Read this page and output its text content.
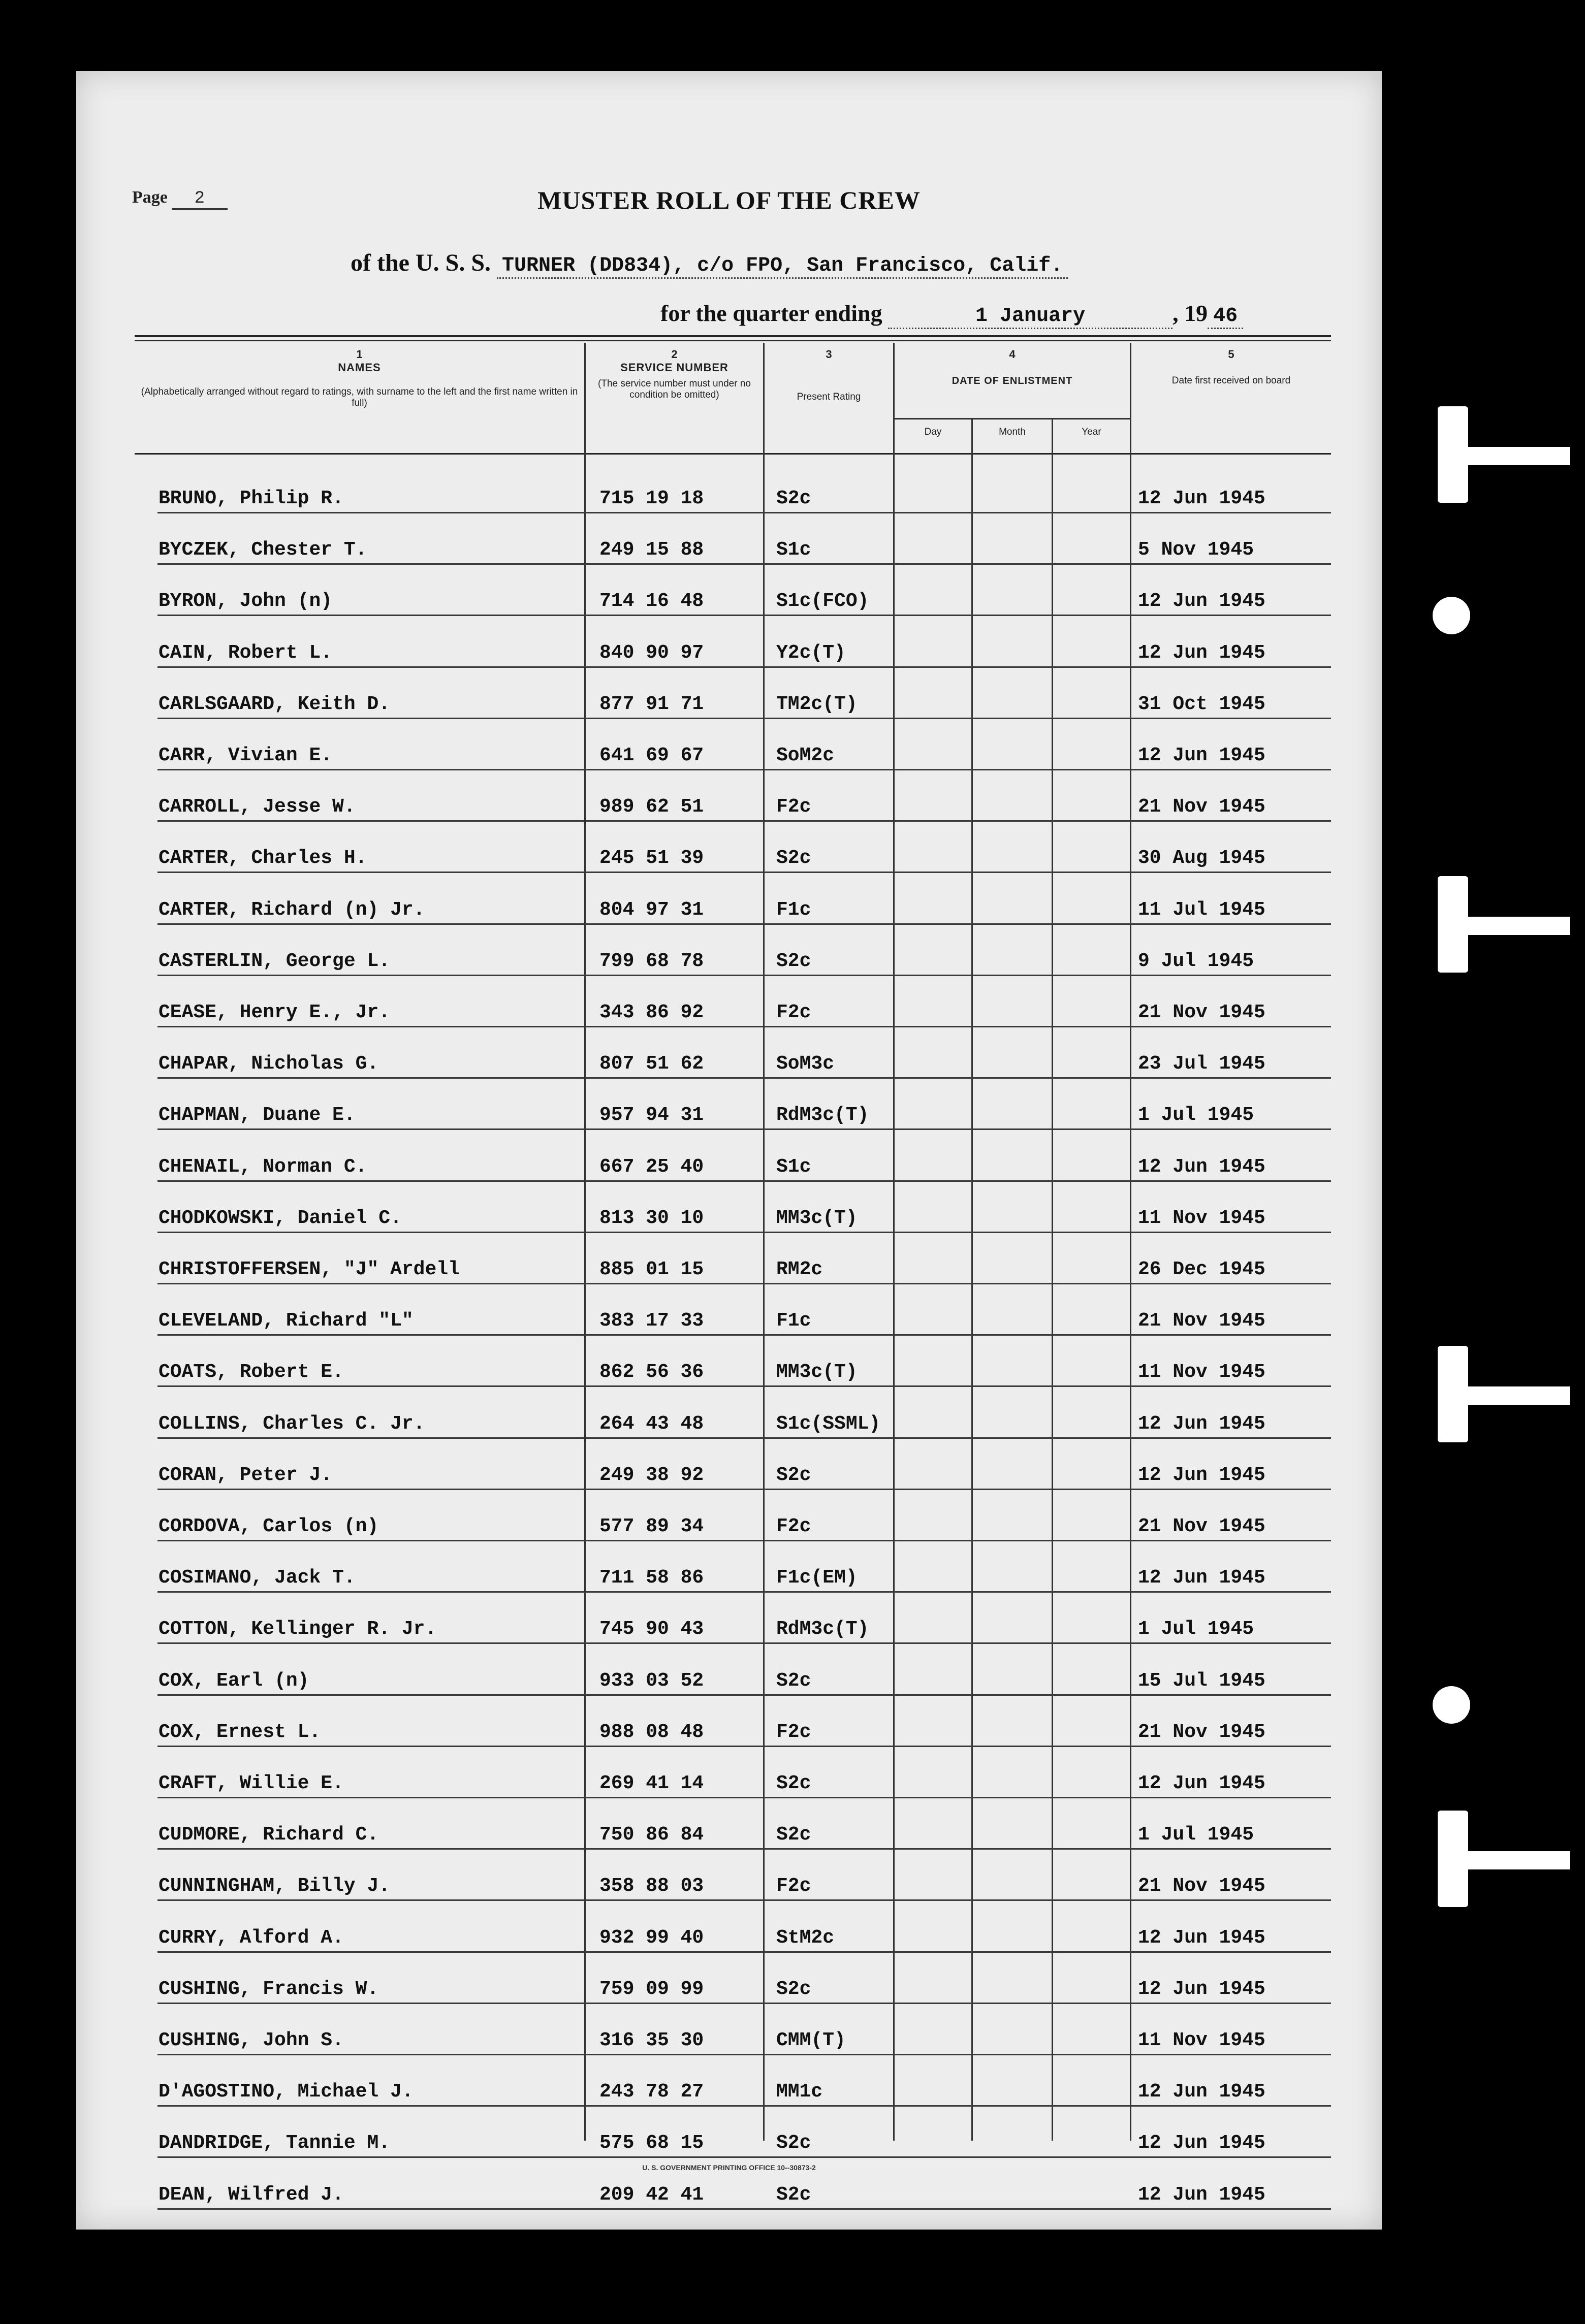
Page 2	MUSTER ROLL OF THE CREW
of the U. S. S. TURNER (DD834), c/o FPO, San Francisco, Calif.
for the quarter ending	1 January	, 19 46
1
NAMES
(Alphabetically arranged without regard to ratings, with surname to the left and the first name written in full)
2
SERVICE NUMBER
(The service number must under no condition be omitted)
3
Present Rating
4
DATE OF ENLISTMENT
Day	Month	Year
5
Date first received on board
BRUNO, Philip R.	715 19 18	S2c	12 Jun 1945
BYCZEK, Chester T.	249 15 88	S1c	5 Nov 1945
BYRON, John (n)	714 16 48	S1c(FCO)	12 Jun 1945
CAIN, Robert L.	840 90 97	Y2c(T)	12 Jun 1945
CARLSGAARD, Keith D.	877 91 71	TM2c(T)	31 Oct 1945
CARR, Vivian E.	641 69 67	SoM2c	12 Jun 1945
CARROLL, Jesse W.	989 62 51	F2c	21 Nov 1945
CARTER, Charles H.	245 51 39	S2c	30 Aug 1945
CARTER, Richard (n) Jr.	804 97 31	F1c	11 Jul 1945
CASTERLIN, George L.	799 68 78	S2c	9 Jul 1945
CEASE, Henry E., Jr.	343 86 92	F2c	21 Nov 1945
CHAPAR, Nicholas G.	807 51 62	SoM3c	23 Jul 1945
CHAPMAN, Duane E.	957 94 31	RdM3c(T)	1 Jul 1945
CHENAIL, Norman C.	667 25 40	S1c	12 Jun 1945
CHODKOWSKI, Daniel C.	813 30 10	MM3c(T)	11 Nov 1945
CHRISTOFFERSEN, "J" Ardell	885 01 15	RM2c	26 Dec 1945
CLEVELAND, Richard "L"	383 17 33	F1c	21 Nov 1945
COATS, Robert E.	862 56 36	MM3c(T)	11 Nov 1945
COLLINS, Charles C. Jr.	264 43 48	S1c(SSML)	12 Jun 1945
CORAN, Peter J.	249 38 92	S2c	12 Jun 1945
CORDOVA, Carlos (n)	577 89 34	F2c	21 Nov 1945
COSIMANO, Jack T.	711 58 86	F1c(EM)	12 Jun 1945
COTTON, Kellinger R. Jr.	745 90 43	RdM3c(T)	1 Jul 1945
COX, Earl (n)	933 03 52	S2c	15 Jul 1945
COX, Ernest L.	988 08 48	F2c	21 Nov 1945
CRAFT, Willie E.	269 41 14	S2c	12 Jun 1945
CUDMORE, Richard C.	750 86 84	S2c	1 Jul 1945
CUNNINGHAM, Billy J.	358 88 03	F2c	21 Nov 1945
CURRY, Alford A.	932 99 40	StM2c	12 Jun 1945
CUSHING, Francis W.	759 09 99	S2c	12 Jun 1945
CUSHING, John S.	316 35 30	CMM(T)	11 Nov 1945
D'AGOSTINO, Michael J.	243 78 27	MM1c	12 Jun 1945
DANDRIDGE, Tannie M.	575 68 15	S2c	12 Jun 1945
DEAN, Wilfred J.	209 42 41	S2c	12 Jun 1945
U. S. GOVERNMENT PRINTING OFFICE 10--30873-2
